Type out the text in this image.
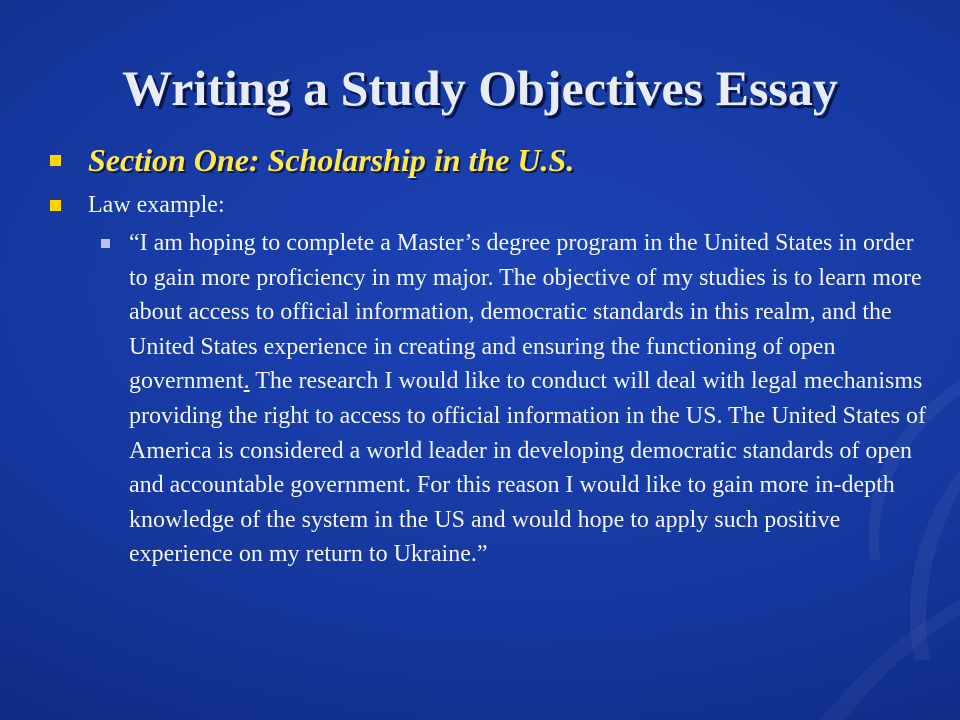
Writing a Study Objectives Essay
Section One: Scholarship in the U.S.
Law example:
“I am hoping to complete a Master’s degree program in the United States in order to gain more proficiency in my major. The objective of my studies is to learn more about access to official information, democratic standards in this realm, and the United States experience in creating and ensuring the functioning of open government. The research I would like to conduct will deal with legal mechanisms providing the right to access to official information in the US. The United States of America is considered a world leader in developing democratic standards of open and accountable government. For this reason I would like to gain more in-depth knowledge of the system in the US and would hope to apply such positive experience on my return to Ukraine.”
